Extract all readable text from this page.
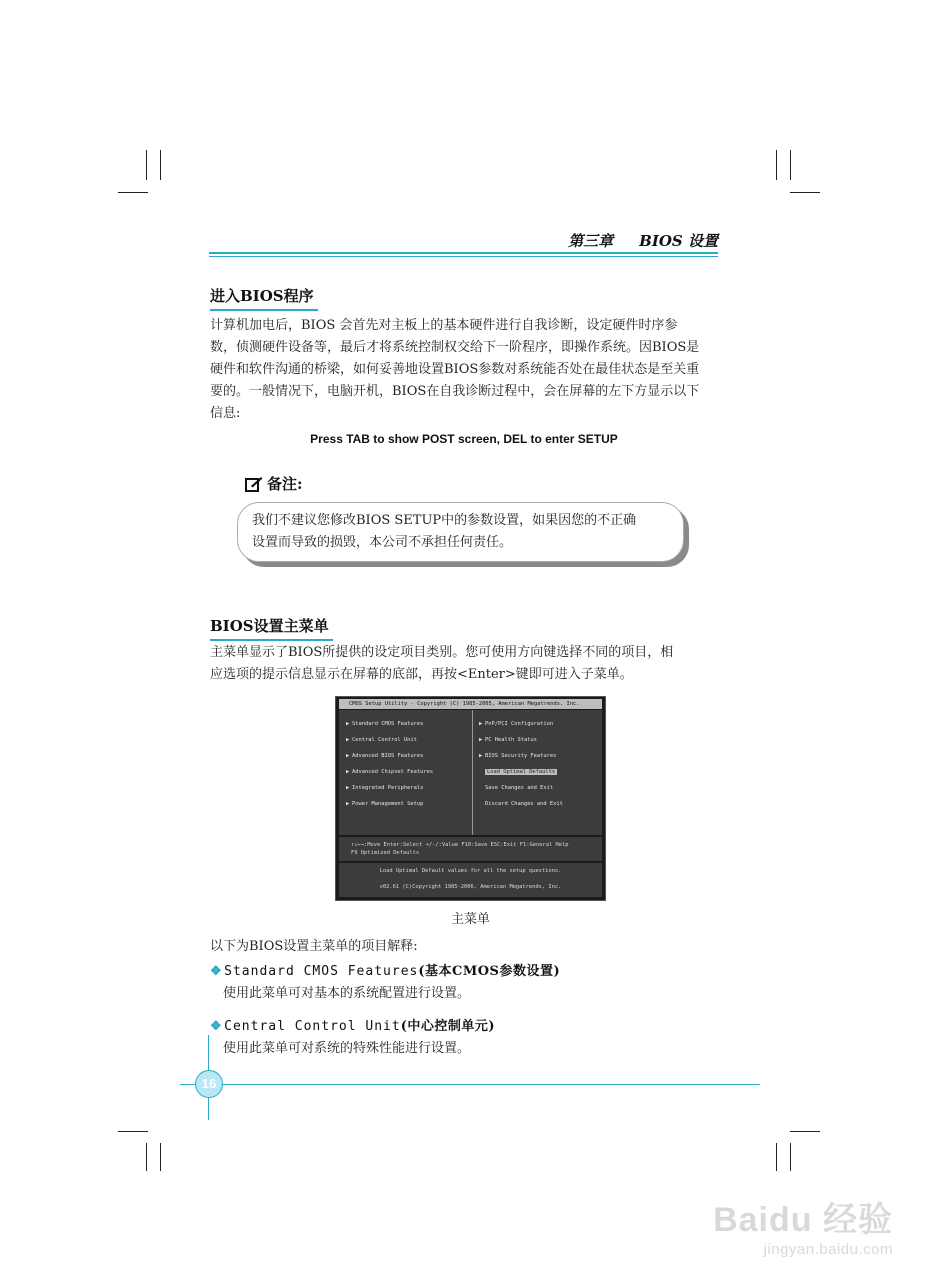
第三章 BIOS 设置
进入BIOS程序
计算机加电后，BIOS 会首先对主板上的基本硬件进行自我诊断，设定硬件时序参
数，侦测硬件设备等，最后才将系统控制权交给下一阶程序，即操作系统。因BIOS是
硬件和软件沟通的桥梁，如何妥善地设置BIOS参数对系统能否处在最佳状态是至关重
要的。一般情况下，电脑开机，BIOS在自我诊断过程中，会在屏幕的左下方显示以下
信息:
Press TAB to show POST screen, DEL to enter SETUP
备注:
我们不建议您修改BIOS SETUP中的参数设置，如果因您的不正确
设置而导致的损毁，本公司不承担任何责任。
BIOS设置主菜单
主菜单显示了BIOS所提供的设定项目类别。您可使用方向键选择不同的项目，相
应选项的提示信息显示在屏幕的底部，再按<Enter>键即可进入子菜单。
CMOS Setup Utility - Copyright (C) 1985-2005, American Megatrends, Inc.
▶ Standard CMOS Features
▶ Central Control Unit
▶ Advanced BIOS Features
▶ Advanced Chipset Features
▶ Integrated Peripherals
▶ Power Management Setup
▶ PnP/PCI Configuration
▶ PC Health Status
▶ BIOS Security Features
Load Optimal Defaults
Save Changes and Exit
Discard Changes and Exit
↑↓←→:Move Enter:Select +/-/:Value F10:Save ESC:Exit F1:General Help
F9 Optimized Defaults
Load Optimal Default values for all the setup questions.
v02.61 (C)Copyright 1985-2006, American Megatrends, Inc.
主菜单
以下为BIOS设置主菜单的项目解释:
❖ Standard CMOS Features(基本CMOS参数设置)
使用此菜单可对基本的系统配置进行设置。
❖ Central Control Unit(中心控制单元)
使用此菜单可对系统的特殊性能进行设置。
16
Baidu 经验
jingyan.baidu.com
